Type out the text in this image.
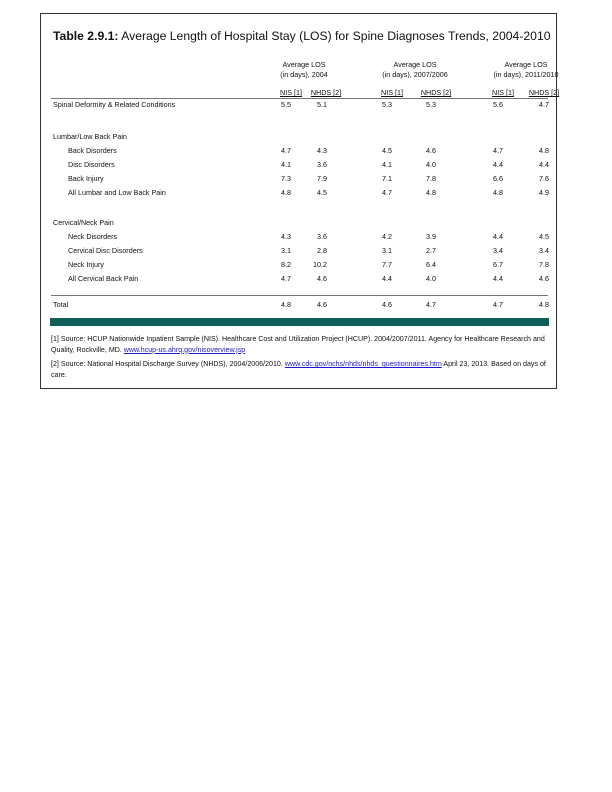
Table 2.9.1: Average Length of Hospital Stay (LOS) for Spine Diagnoses Trends, 2004-2010
Average LOS
(in days), 2004
Average LOS
(in days), 2007/2006
Average LOS
(in days), 2011/2010
NIS [1]	NHDS [2]	NIS [1]	NHDS [2]	NIS [1]	NHDS [2]
Spinal Deformity & Related Conditions	5.5	5.1	5.3	5.3	5.6	4.7
Lumbar/Low Back Pain
Back Disorders	4.7	4.3	4.5	4.6	4.7	4.8
Disc Disorders	4.1	3.6	4.1	4.0	4.4	4.4
Back Injury	7.3	7.9	7.1	7.8	6.6	7.6
All Lumbar and Low Back Pain	4.8	4.5	4.7	4.8	4.8	4.9
Cervical/Neck Pain
Neck Disorders	4.3	3.6	4.2	3.9	4.4	4.5
Cervical Disc Disorders	3.1	2.8	3.1	2.7	3.4	3.4
Neck Injury	8.2	10.2	7.7	6.4	6.7	7.8
All Cervical Back Pain	4.7	4.6	4.4	4.0	4.4	4.6
Total	4.8	4.6	4.6	4.7	4.7	4.8
[1] Source: HCUP Nationwide Inpatient Sample (NIS). Healthcare Cost and Utilization Project (HCUP). 2004/2007/2011. Agency for Healthcare Research and Quality, Rockville, MD. www.hcup-us.ahrq.gov/nisoverview.jsp
[2] Source: National Hospital Discharge Survey (NHDS), 2004/2006/2010. www.cdc.gov/nchs/nhds/nhds_questionnaires.htm April 23, 2013. Based on days of care.
